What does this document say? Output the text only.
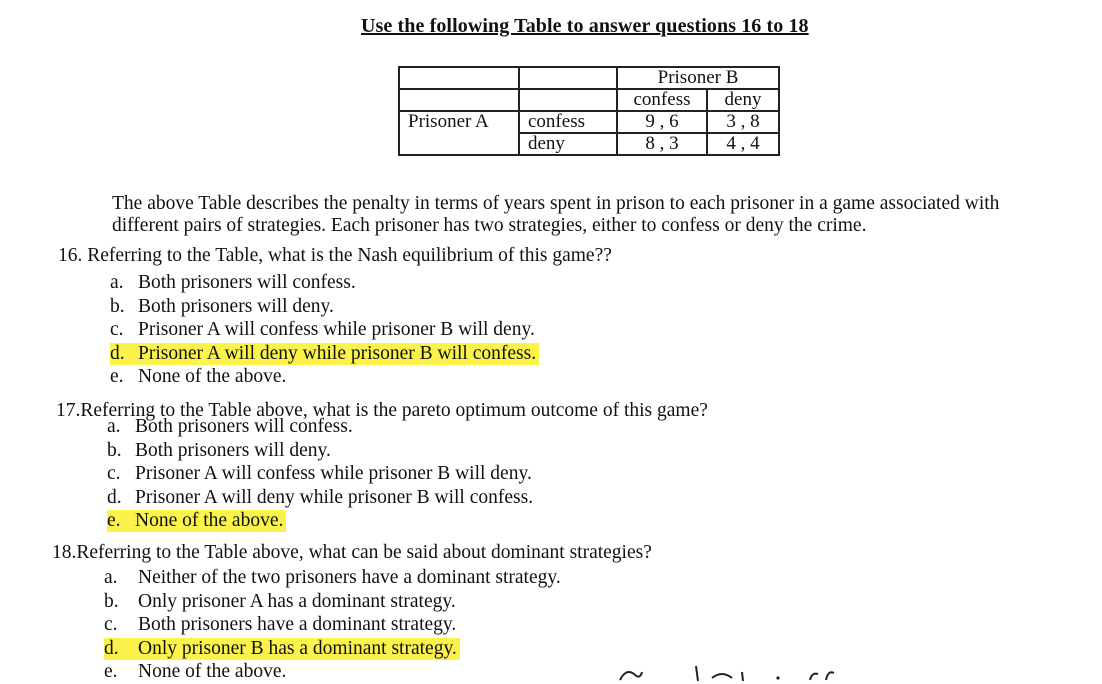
Use the following Table to answer questions 16 to 18
		Prisoner B	
		confess	deny
Prisoner A	confess	9 , 6	3 , 8
	deny	8 , 3	4 , 4
The above Table describes the penalty in terms of years spent in prison to each prisoner in a game associated with
different pairs of strategies. Each prisoner has two strategies, either to confess or deny the crime.
16. Referring to the Table, what is the Nash equilibrium of this game??
a. Both prisoners will confess.
b. Both prisoners will deny.
c. Prisoner A will confess while prisoner B will deny.
d. Prisoner A will deny while prisoner B will confess.
e. None of the above.
17.Referring to the Table above, what is the pareto optimum outcome of this game?
a. Both prisoners will confess.
b. Both prisoners will deny.
c. Prisoner A will confess while prisoner B will deny.
d. Prisoner A will deny while prisoner B will confess.
e. None of the above.
18.Referring to the Table above, what can be said about dominant strategies?
a. Neither of the two prisoners have a dominant strategy.
b. Only prisoner A has a dominant strategy.
c. Both prisoners have a dominant strategy.
d. Only prisoner B has a dominant strategy.
e. None of the above.
